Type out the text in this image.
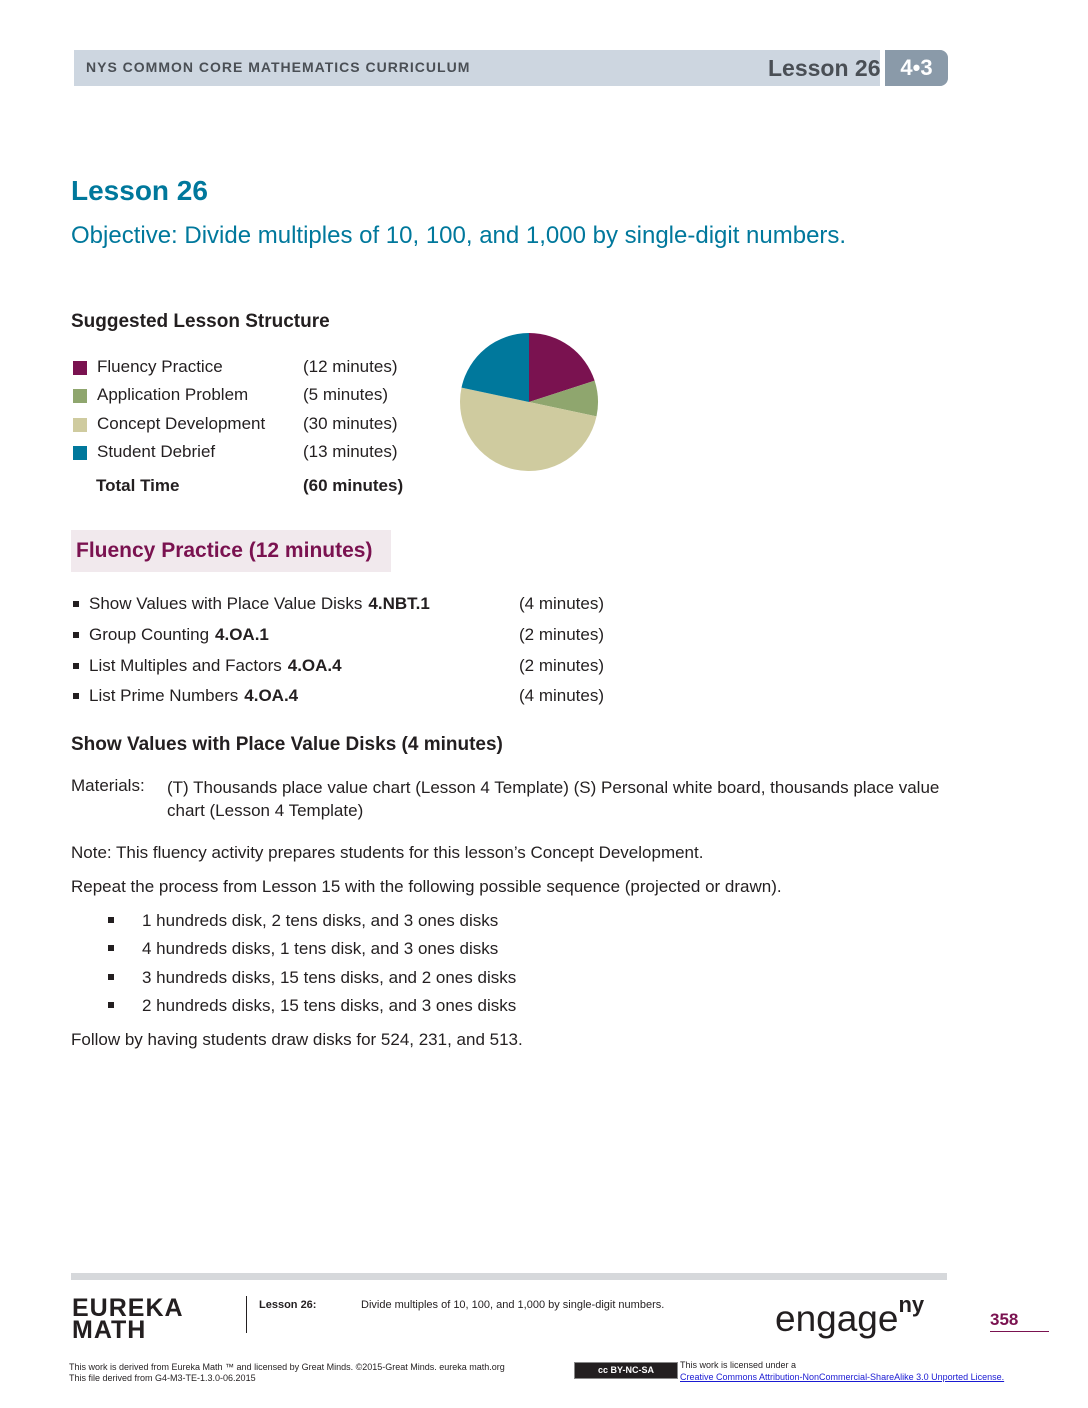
NYS COMMON CORE MATHEMATICS CURRICULUM	Lesson 26 4•3
Lesson 26
Objective: Divide multiples of 10, 100, and 1,000 by single-digit numbers.
Suggested Lesson Structure
Fluency Practice	(12 minutes)
Application Problem	(5 minutes)
Concept Development (30 minutes)
Student Debrief	(13 minutes)
Total Time	(60 minutes)
Fluency Practice (12 minutes)
Show Values with Place Value Disks 4.NBT.1	(4 minutes)
Group Counting 4.OA.1	(2 minutes)
List Multiples and Factors 4.OA.4	(2 minutes)
List Prime Numbers 4.OA.4	(4 minutes)
Show Values with Place Value Disks (4 minutes)
Materials: (T) Thousands place value chart (Lesson 4 Template) (S) Personal white board, thousands place value chart (Lesson 4 Template)
Note: This fluency activity prepares students for this lesson’s Concept Development.
Repeat the process from Lesson 15 with the following possible sequence (projected or drawn).
1 hundreds disk, 2 tens disks, and 3 ones disks
4 hundreds disks, 1 tens disk, and 3 ones disks
3 hundreds disks, 15 tens disks, and 2 ones disks
2 hundreds disks, 15 tens disks, and 3 ones disks
Follow by having students draw disks for 524, 231, and 513.
EUREKA
MATH
Lesson 26:	Divide multiples of 10, 100, and 1,000 by single-digit numbers.	engage$^{ny}$
358
This work is derived from Eureka Math ™ and licensed by Great Minds. ©2015-Great Minds. eureka math.org
This file derived from G4-M3-TE-1.3.0-06.2015
cc BY-NC-SA	This work is licensed under a
Creative Commons Attribution-NonCommercial-ShareAlike 3.0 Unported License.
